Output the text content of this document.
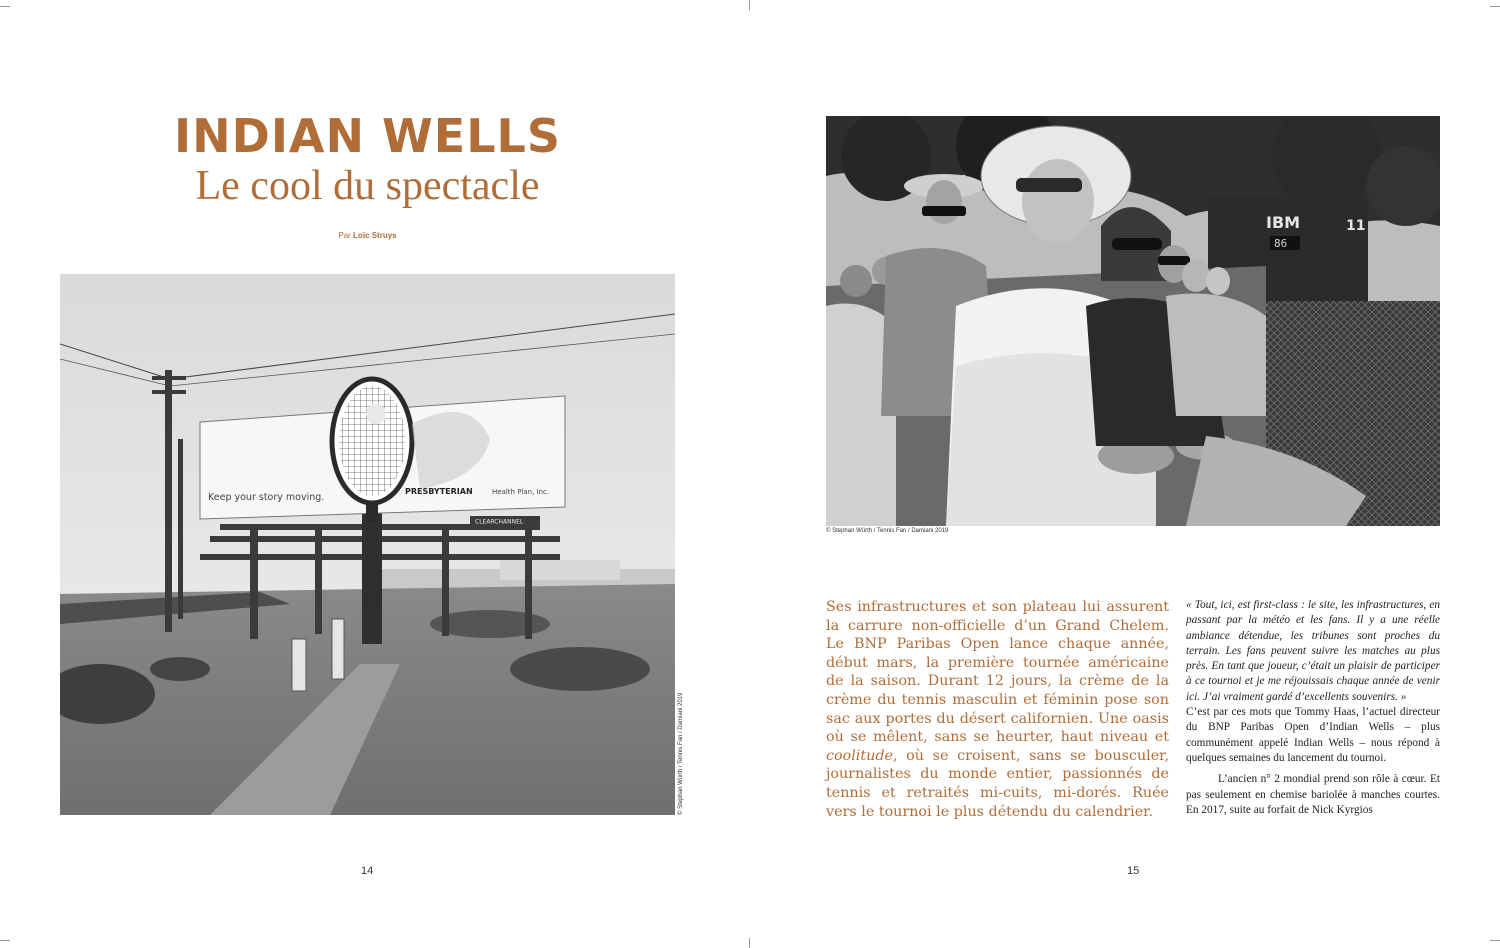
INDIAN WELLS
Le cool du spectacle
Par Loïc Struys
Keep your story moving.
PRESBYTERIAN	Health Plan, Inc.
CLEARCHANNEL
© Stephan Würth / Tennis Fan / Damiani 2019
14
IBM	11
86
© Stephan Würth / Tennis Fan / Damiani 2019

Ses infrastructures et son plateau lui assurent la carrure non-officielle d’un Grand Chelem. Le BNP Paribas Open lance chaque année, début mars, la première tournée américaine de la saison. Durant 12 jours, la crème de la crème du tennis masculin et féminin pose son sac aux portes du désert californien. Une oasis où se mêlent, sans se heurter, haut niveau et coolitude, où se croisent, sans se bousculer, journalistes du monde entier, passionnés de tennis et retraités mi-cuits, mi-dorés. Ruée vers le tournoi le plus détendu du calendrier.

« Tout, ici, est first-class : le site, les infrastructures, en passant par la météo et les fans. Il y a une réelle ambiance détendue, les tribunes sont proches du terrain. Les fans peuvent suivre les matches au plus près. En tant que joueur, c’était un plaisir de participer à ce tournoi et je me réjouissais chaque année de venir ici. J’ai vraiment gardé d’excellents souvenirs. »

C’est par ces mots que Tommy Haas, l’actuel directeur du BNP Paribas Open d’Indian Wells – plus communément appelé Indian Wells – nous répond à quelques semaines du lancement du tournoi.

L’ancien n° 2 mondial prend son rôle à cœur. Et pas seulement en chemise bariolée à manches courtes. En 2017, suite au forfait de Nick Kyrgios

15
